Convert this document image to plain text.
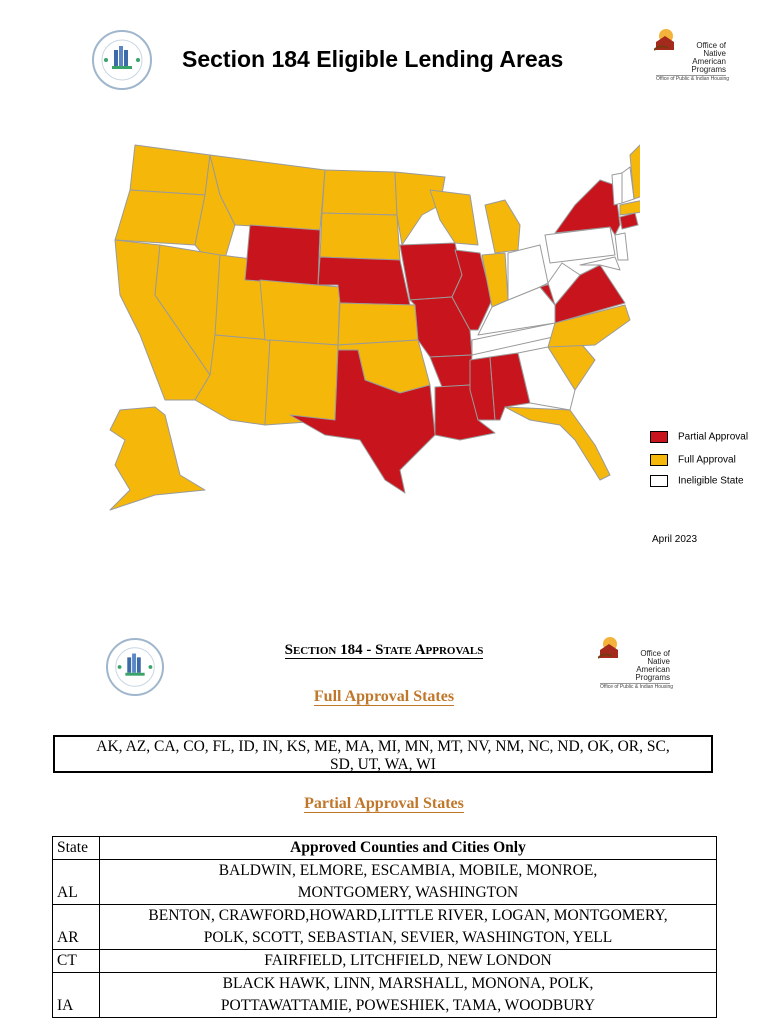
Section 184 Eligible Lending Areas
Office of
Native American
Programs
Office of Public & Indian Housing
Partial Approval
Full Approval
Ineligible State
April 2023
Section 184 - State Approvals	Office of
Native American
Programs
Office of Public & Indian Housing
Full Approval States
AK, AZ, CA, CO, FL, ID, IN, KS, ME, MA, MI, MN, MT, NV, NM, NC, ND, OK, OR, SC,
SD, UT, WA, WI
Partial Approval States
State	Approved Counties and Cities Only
AL	BALDWIN, ELMORE, ESCAMBIA, MOBILE, MONROE,
MONTGOMERY, WASHINGTON

AR	BENTON, CRAWFORD,HOWARD,LITTLE RIVER, LOGAN, MONTGOMERY,
POLK, SCOTT, SEBASTIAN, SEVIER, WASHINGTON, YELL

CT	FAIRFIELD, LITCHFIELD, NEW LONDON

IA	BLACK HAWK, LINN, MARSHALL, MONONA, POLK,
POTTAWATTAMIE, POWESHIEK, TAMA, WOODBURY
